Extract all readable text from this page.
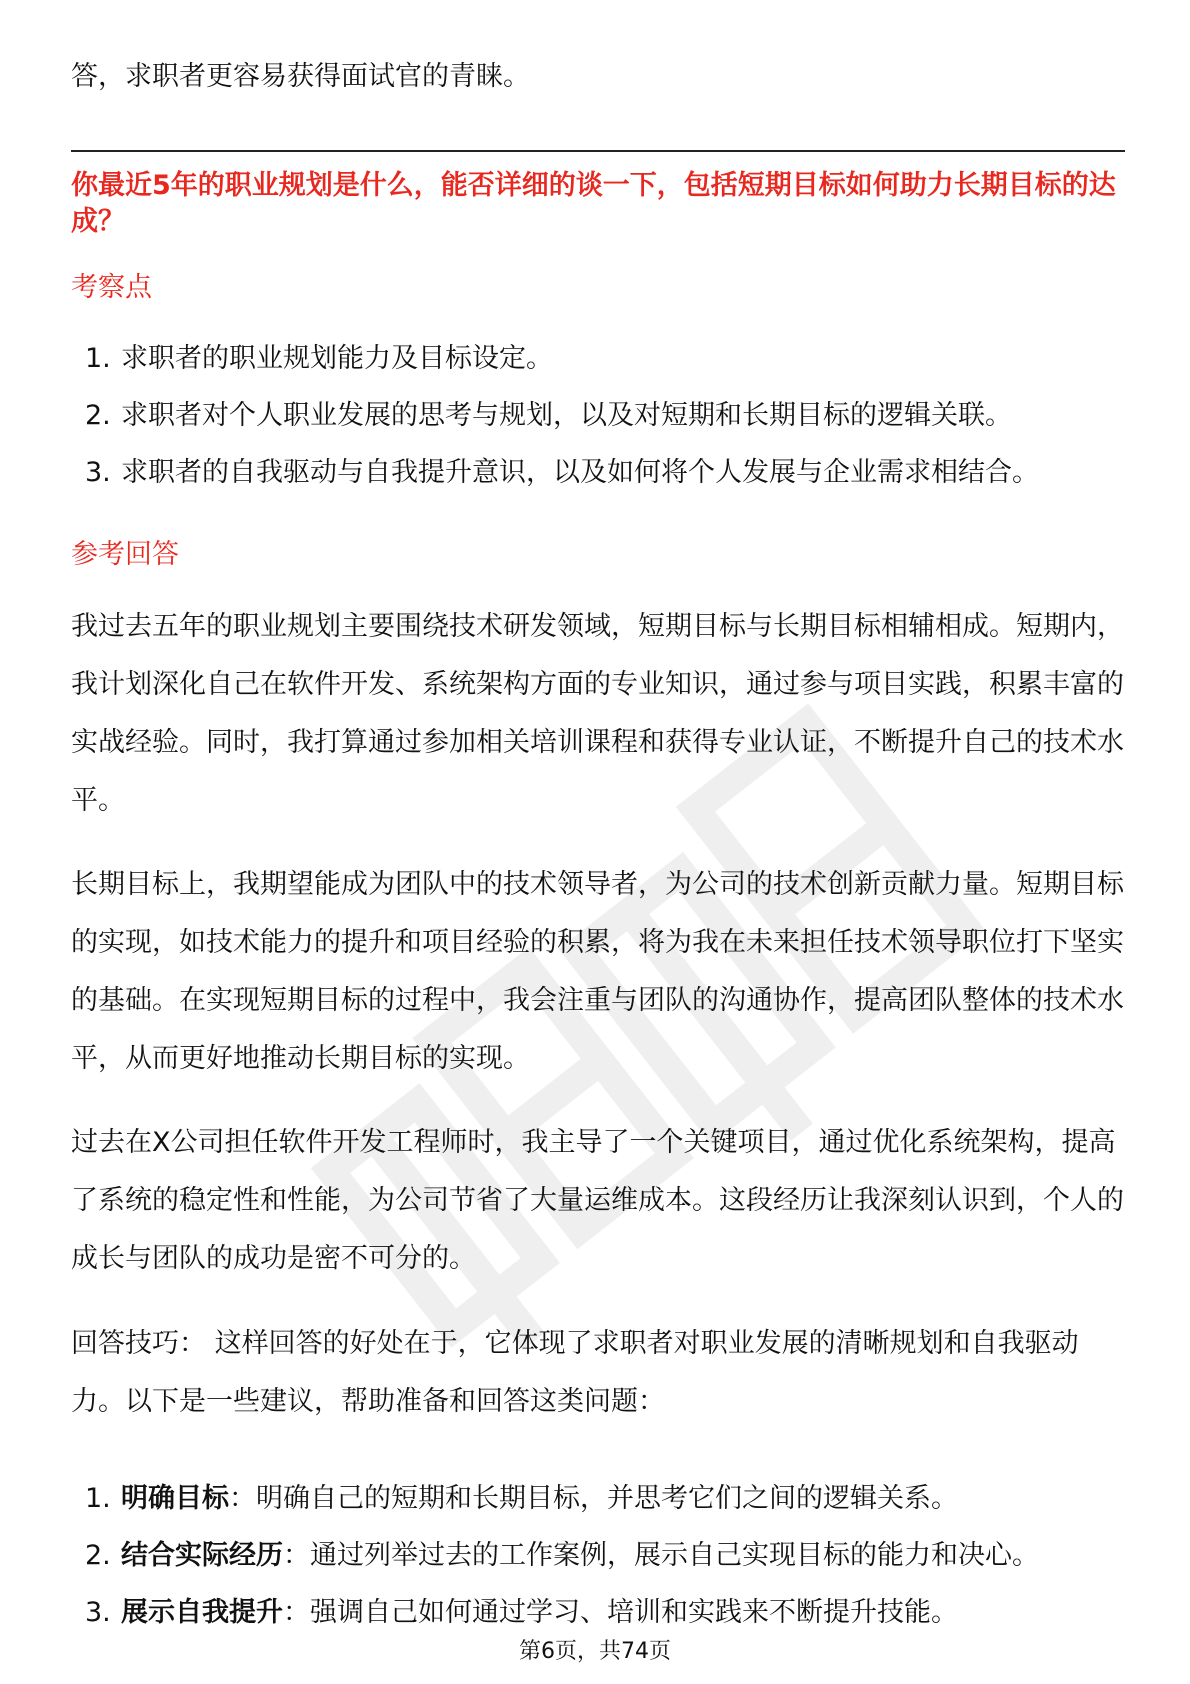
答，求职者更容易获得面试官的青睐。

你最近5年的职业规划是什么，能否详细的谈一下，包括短期目标如何助力长期目标的达成？
考察点
1. 求职者的职业规划能力及目标设定。
2. 求职者对个人职业发展的思考与规划，以及对短期和长期目标的逻辑关联。
3. 求职者的自我驱动与自我提升意识，以及如何将个人发展与企业需求相结合。
参考回答
我过去五年的职业规划主要围绕技术研发领域，短期目标与长期目标相辅相成。短期内，我计划深化自己在软件开发、系统架构方面的专业知识，通过参与项目实践，积累丰富的实战经验。同时，我打算通过参加相关培训课程和获得专业认证，不断提升自己的技术水平。
长期目标上，我期望能成为团队中的技术领导者，为公司的技术创新贡献力量。短期目标的实现，如技术能力的提升和项目经验的积累，将为我在未来担任技术领导职位打下坚实的基础。在实现短期目标的过程中，我会注重与团队的沟通协作，提高团队整体的技术水平，从而更好地推动长期目标的实现。
过去在X公司担任软件开发工程师时，我主导了一个关键项目，通过优化系统架构，提高了系统的稳定性和性能，为公司节省了大量运维成本。这段经历让我深刻认识到，个人的成长与团队的成功是密不可分的。
回答技巧： 这样回答的好处在于，它体现了求职者对职业发展的清晰规划和自我驱动力。以下是一些建议，帮助准备和回答这类问题：
1. 明确目标：明确自己的短期和长期目标，并思考它们之间的逻辑关系。
2. 结合实际经历：通过列举过去的工作案例，展示自己实现目标的能力和决心。
3. 展示自我提升：强调自己如何通过学习、培训和实践来不断提升技能。
第6页，共74页
